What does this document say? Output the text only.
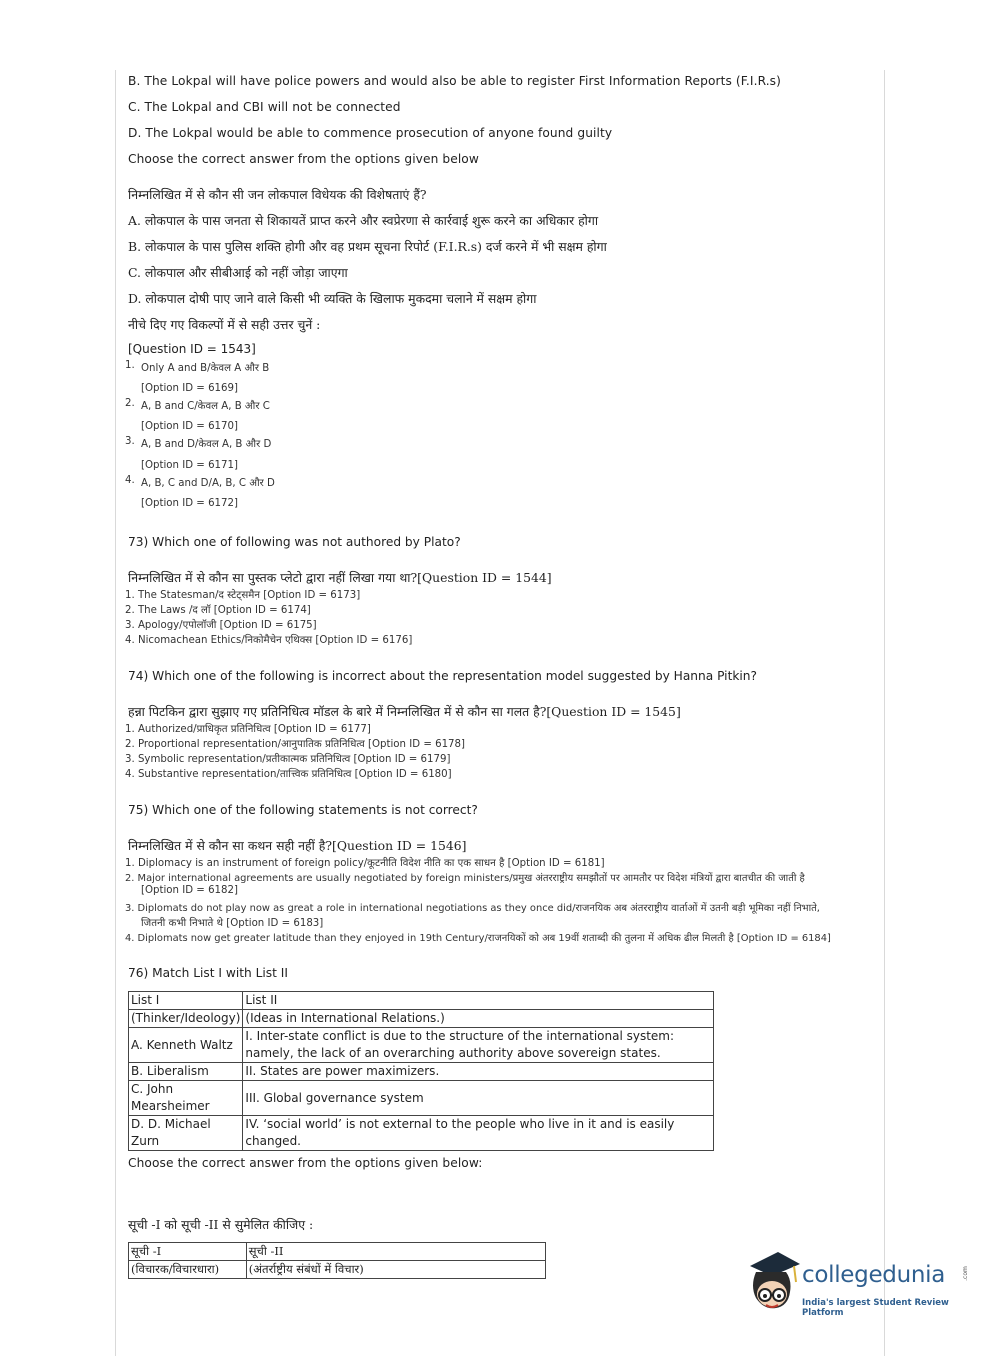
B. The Lokpal will have police powers and would also be able to register First Information Reports (F.I.R.s)
C. The Lokpal and CBI will not be connected
D. The Lokpal would be able to commence prosecution of anyone found guilty
Choose the correct answer from the options given below
निम्नलिखित में से कौन सी जन लोकपाल विधेयक की विशेषताएं हैं?
A. लोकपाल के पास जनता से शिकायतें प्राप्त करने और स्वप्रेरणा से कार्रवाई शुरू करने का अधिकार होगा
B. लोकपाल के पास पुलिस शक्ति होगी और वह प्रथम सूचना रिपोर्ट (F.I.R.s) दर्ज करने में भी सक्षम होगा
C. लोकपाल और सीबीआई को नहीं जोड़ा जाएगा
D. लोकपाल दोषी पाए जाने वाले किसी भी व्यक्ति के खिलाफ मुकदमा चलाने में सक्षम होगा
नीचे दिए गए विकल्पों में से सही उत्तर चुनें :
[Question ID = 1543]
1. Only A and B/केवल A और B
[Option ID = 6169]
2. A, B and C/केवल A, B और C
[Option ID = 6170]
3. A, B and D/केवल A, B और D
[Option ID = 6171]
4. A, B, C and D/A, B, C और D
[Option ID = 6172]
73) Which one of following was not authored by Plato?
निम्नलिखित में से कौन सा पुस्तक प्लेटो द्वारा नहीं लिखा गया था?[Question ID = 1544]
1. The Statesman/द स्टेट्समैन [Option ID = 6173]
2. The Laws /द लॉ [Option ID = 6174]
3. Apology/एपोलॉजी [Option ID = 6175]
4. Nicomachean Ethics/निकोमैचेन एथिक्स [Option ID = 6176]
74) Which one of the following is incorrect about the representation model suggested by Hanna Pitkin?
हन्ना पिटकिन द्वारा सुझाए गए प्रतिनिधित्व मॉडल के बारे में निम्नलिखित में से कौन सा गलत है?[Question ID = 1545]
1. Authorized/प्राधिकृत प्रतिनिधित्व [Option ID = 6177]
2. Proportional representation/आनुपातिक प्रतिनिधित्व [Option ID = 6178]
3. Symbolic representation/प्रतीकात्मक प्रतिनिधित्व [Option ID = 6179]
4. Substantive representation/तात्त्विक प्रतिनिधित्व [Option ID = 6180]
75) Which one of the following statements is not correct?
निम्नलिखित में से कौन सा कथन सही नहीं है?[Question ID = 1546]
1. Diplomacy is an instrument of foreign policy/कूटनीति विदेश नीति का एक साधन है [Option ID = 6181]
2. Major international agreements are usually negotiated by foreign ministers/प्रमुख अंतरराष्ट्रीय समझौतों पर आमतौर पर विदेश मंत्रियों द्वारा बातचीत की जाती है
[Option ID = 6182]
3. Diplomats do not play now as great a role in international negotiations as they once did/राजनयिक अब अंतरराष्ट्रीय वार्ताओं में उतनी बड़ी भूमिका नहीं निभाते,
जितनी कभी निभाते थे [Option ID = 6183]
4. Diplomats now get greater latitude than they enjoyed in 19th Century/राजनयिकों को अब 19वीं शताब्दी की तुलना में अधिक ढील मिलती है [Option ID = 6184]
76) Match List I with List II
List I	List II
(Thinker/Ideology)	(Ideas in International Relations.)
A. Kenneth Waltz	I. Inter-state conflict is due to the structure of the international system: namely, the lack of an overarching authority above sovereign states.
B. Liberalism	II. States are power maximizers.
C. John Mearsheimer	III. Global governance system
D. D. Michael Zurn	IV. ‘social world’ is not external to the people who live in it and is easily changed.
Choose the correct answer from the options given below:
सूची -I को सूची -II से सुमेलित कीजिए :
सूची -I	सूची -II
(विचारक/विचारधारा)	(अंतर्राष्ट्रीय संबंधों में विचार)	collegedunia	.com
India's largest Student Review Platform
